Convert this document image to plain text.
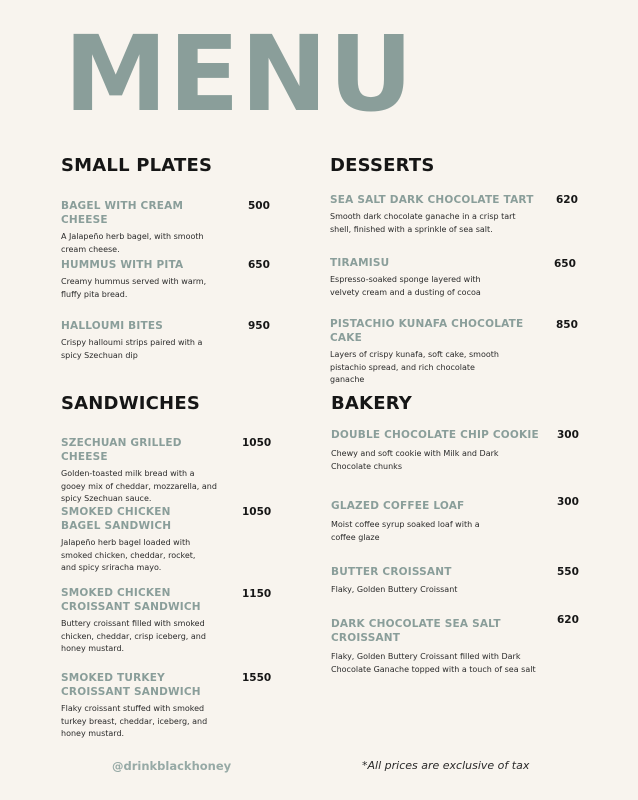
MENU
SMALL PLATES

BAGEL WITH CREAM CHEESE

A Jalapeño herb bagel, with smooth cream cheese.

500

HUMMUS WITH PITA

Creamy hummus served with warm, fluffy pita bread.

650

HALLOUMI BITES

Crispy halloumi strips paired with a spicy Szechuan dip

950
SANDWICHES

SZECHUAN GRILLED CHEESE

Golden-toasted milk bread with a gooey mix of cheddar, mozzarella, and spicy Szechuan sauce.

1050

SMOKED CHICKEN BAGEL SANDWICH

Jalapeño herb bagel loaded with smoked chicken, cheddar, rocket, and spicy sriracha mayo.

1050

SMOKED CHICKEN CROISSANT SANDWICH

Buttery croissant filled with smoked chicken, cheddar, crisp iceberg, and honey mustard.

1150

SMOKED TURKEY CROISSANT SANDWICH

Flaky croissant stuffed with smoked turkey breast, cheddar, iceberg, and honey mustard.

1550
DESSERTS

SEA SALT DARK CHOCOLATE TART

Smooth dark chocolate ganache in a crisp tart shell, finished with a sprinkle of sea salt.

620

TIRAMISU

Espresso-soaked sponge layered with velvety cream and a dusting of cocoa

650

PISTACHIO KUNAFA CHOCOLATE CAKE

Layers of crispy kunafa, soft cake, smooth pistachio spread, and rich chocolate ganache

850
BAKERY

DOUBLE CHOCOLATE CHIP COOKIE

Chewy and soft cookie with Milk and Dark Chocolate chunks

300

GLAZED COFFEE LOAF

Moist coffee syrup soaked loaf with a coffee glaze

300

BUTTER CROISSANT

Flaky, Golden Buttery Croissant

550

DARK CHOCOLATE SEA SALT CROISSANT

Flaky, Golden Buttery Croissant filled with Dark Chocolate Ganache topped with a touch of sea salt

620
@drinkblackhoney	*All prices are exclusive of tax
